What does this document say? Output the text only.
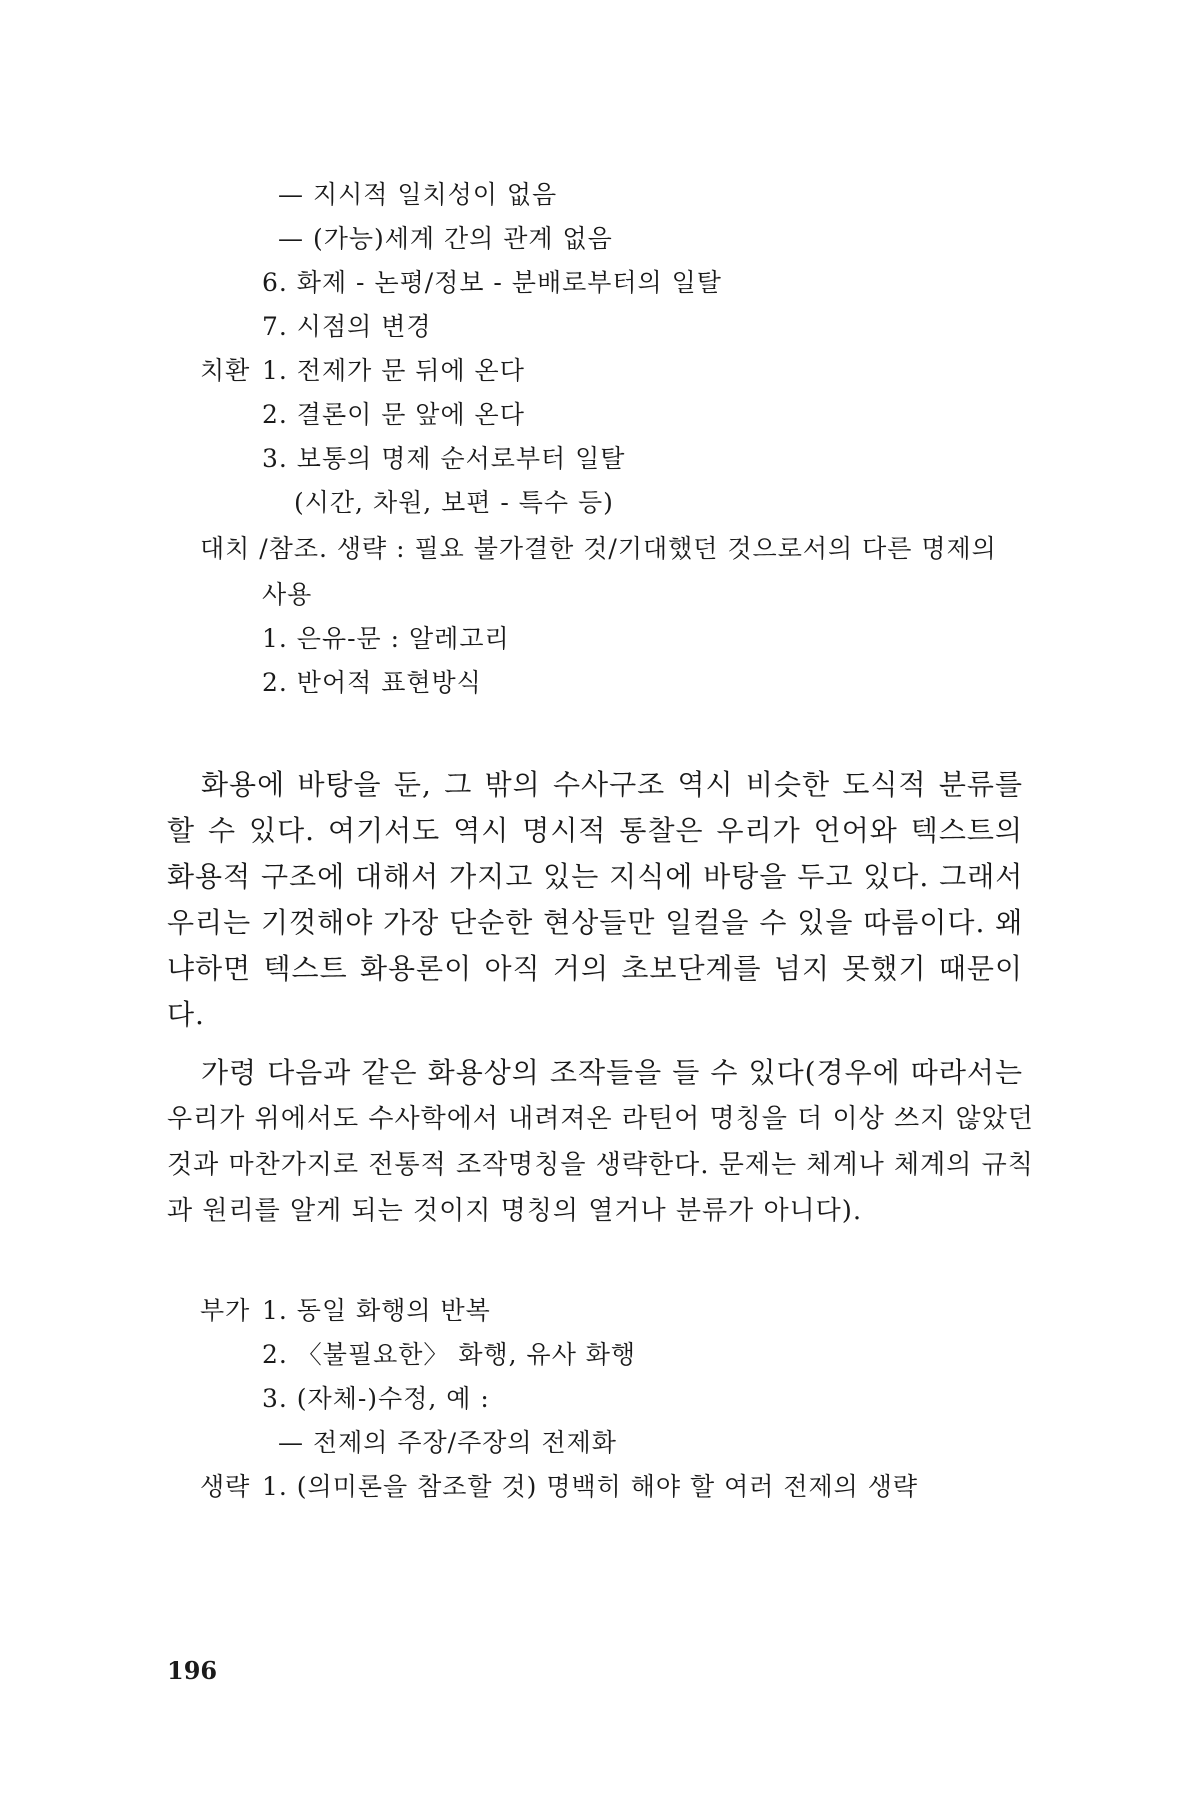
— 지시적 일치성이 없음
— (가능)세계 간의 관계 없음
6. 화제 - 논평/정보 - 분배로부터의 일탈
7. 시점의 변경
치환 1. 전제가 문 뒤에 온다
2. 결론이 문 앞에 온다
3. 보통의 명제 순서로부터 일탈
(시간, 차원, 보편 - 특수 등)
대치 /참조. 생략 : 필요 불가결한 것/기대했던 것으로서의 다른 명제의
사용
1. 은유-문 : 알레고리
2. 반어적 표현방식
화용에 바탕을 둔, 그 밖의 수사구조 역시 비슷한 도식적 분류를
할 수 있다. 여기서도 역시 명시적 통찰은 우리가 언어와 텍스트의
화용적 구조에 대해서 가지고 있는 지식에 바탕을 두고 있다. 그래서
우리는 기껏해야 가장 단순한 현상들만 일컬을 수 있을 따름이다. 왜
냐하면 텍스트 화용론이 아직 거의 초보단계를 넘지 못했기 때문이
다.
가령 다음과 같은 화용상의 조작들을 들 수 있다(경우에 따라서는
우리가 위에서도 수사학에서 내려져온 라틴어 명칭을 더 이상 쓰지 않았던
것과 마찬가지로 전통적 조작명칭을 생략한다. 문제는 체계나 체계의 규칙
과 원리를 알게 되는 것이지 명칭의 열거나 분류가 아니다).
부가 1. 동일 화행의 반복
2. 〈불필요한〉 화행, 유사 화행
3. (자체-)수정, 예 :
— 전제의 주장/주장의 전제화
생략 1. (의미론을 참조할 것) 명백히 해야 할 여러 전제의 생략
196
